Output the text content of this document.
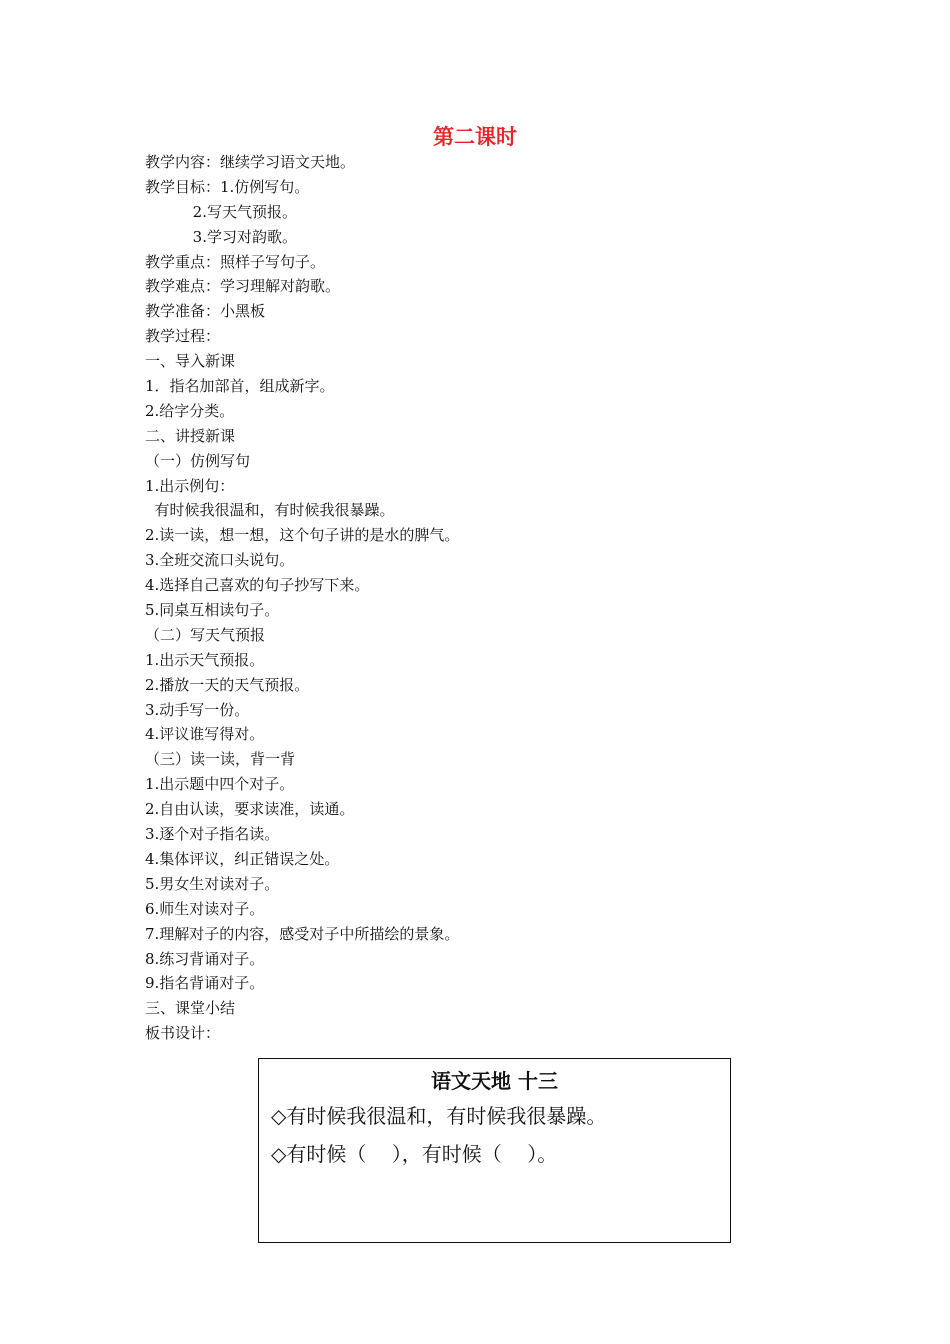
第二课时
教学内容：继续学习语文天地。
教学目标：1.仿例写句。
2.写天气预报。
3.学习对韵歌。
教学重点：照样子写句子。
教学难点：学习理解对韵歌。
教学准备：小黑板
教学过程：
一、导入新课
1．指名加部首，组成新字。
2.给字分类。
二、讲授新课
（一）仿例写句
1.出示例句：
有时候我很温和，有时候我很暴躁。
2.读一读，想一想，这个句子讲的是水的脾气。
3.全班交流口头说句。
4.选择自己喜欢的句子抄写下来。
5.同桌互相读句子。
（二）写天气预报
1.出示天气预报。
2.播放一天的天气预报。
3.动手写一份。
4.评议谁写得对。
（三）读一读，背一背
1.出示题中四个对子。
2.自由认读，要求读准，读通。
3.逐个对子指名读。
4.集体评议，纠正错误之处。
5.男女生对读对子。
6.师生对读对子。
7.理解对子的内容，感受对子中所描绘的景象。
8.练习背诵对子。
9.指名背诵对子。
三、课堂小结
板书设计：
语文天地 十三
◇有时候我很温和，有时候我很暴躁。
◇有时候（    ），有时候（    ）。
